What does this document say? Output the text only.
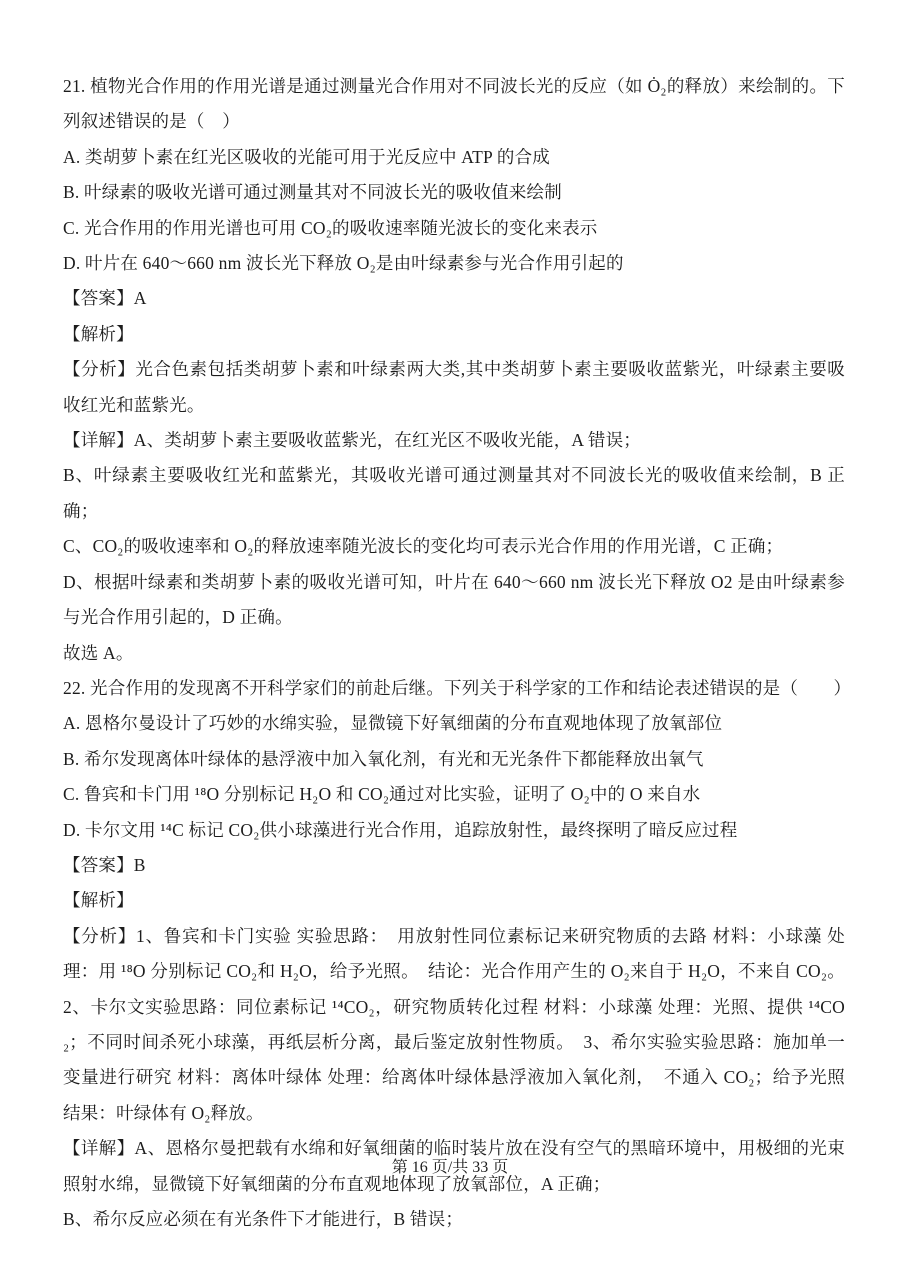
21. 植物光合作用的作用光谱是通过测量光合作用对不同波长光的反应（如 Ȯ₂的释放）来绘制的。下列叙述错误的是（　）

A. 类胡萝卜素在红光区吸收的光能可用于光反应中 ATP 的合成

B. 叶绿素的吸收光谱可通过测量其对不同波长光的吸收值来绘制

C. 光合作用的作用光谱也可用 CO₂的吸收速率随光波长的变化来表示

D. 叶片在 640～660 nm 波长光下释放 O₂是由叶绿素参与光合作用引起的

【答案】A

【解析】

【分析】光合色素包括类胡萝卜素和叶绿素两大类,其中类胡萝卜素主要吸收蓝紫光，叶绿素主要吸收红光和蓝紫光。

【详解】A、类胡萝卜素主要吸收蓝紫光，在红光区不吸收光能，A 错误；

B、叶绿素主要吸收红光和蓝紫光，其吸收光谱可通过测量其对不同波长光的吸收值来绘制，B 正确；

C、CO₂的吸收速率和 O₂的释放速率随光波长的变化均可表示光合作用的作用光谱，C 正确；

D、根据叶绿素和类胡萝卜素的吸收光谱可知，叶片在 640～660 nm 波长光下释放 O2 是由叶绿素参与光合作用引起的，D 正确。

故选 A。

22. 光合作用的发现离不开科学家们的前赴后继。下列关于科学家的工作和结论表述错误的是（　　）

A. 恩格尔曼设计了巧妙的水绵实验，显微镜下好氧细菌的分布直观地体现了放氧部位

B. 希尔发现离体叶绿体的悬浮液中加入氧化剂，有光和无光条件下都能释放出氧气

C. 鲁宾和卡门用 ¹⁸O 分别标记 H₂O 和 CO₂通过对比实验，证明了 O₂中的 O 来自水

D. 卡尔文用 ¹⁴C 标记 CO₂供小球藻进行光合作用，追踪放射性，最终探明了暗反应过程

【答案】B

【解析】

【分析】1、鲁宾和卡门实验 实验思路：　用放射性同位素标记来研究物质的去路 材料：小球藻 处理：用 ¹⁸O 分别标记 CO₂和 H₂O，给予光照。　结论：光合作用产生的 O₂来自于 H₂O，不来自 CO₂。 2、卡尔文实验思路：同位素标记 ¹⁴CO₂，研究物质转化过程 材料：小球藻 处理：光照、提供 ¹⁴CO₂；不同时间杀死小球藻，再纸层析分离，最后鉴定放射性物质。　3、希尔实验实验思路：施加单一变量进行研究 材料：离体叶绿体 处理：给离体叶绿体悬浮液加入氧化剂，　不通入 CO₂；给予光照 结果：叶绿体有 O₂释放。

【详解】A、恩格尔曼把载有水绵和好氧细菌的临时装片放在没有空气的黑暗环境中，用极细的光束照射水绵，显微镜下好氧细菌的分布直观地体现了放氧部位，A 正确；

B、希尔反应必须在有光条件下才能进行，B 错误；

第 16 页/共 33 页
